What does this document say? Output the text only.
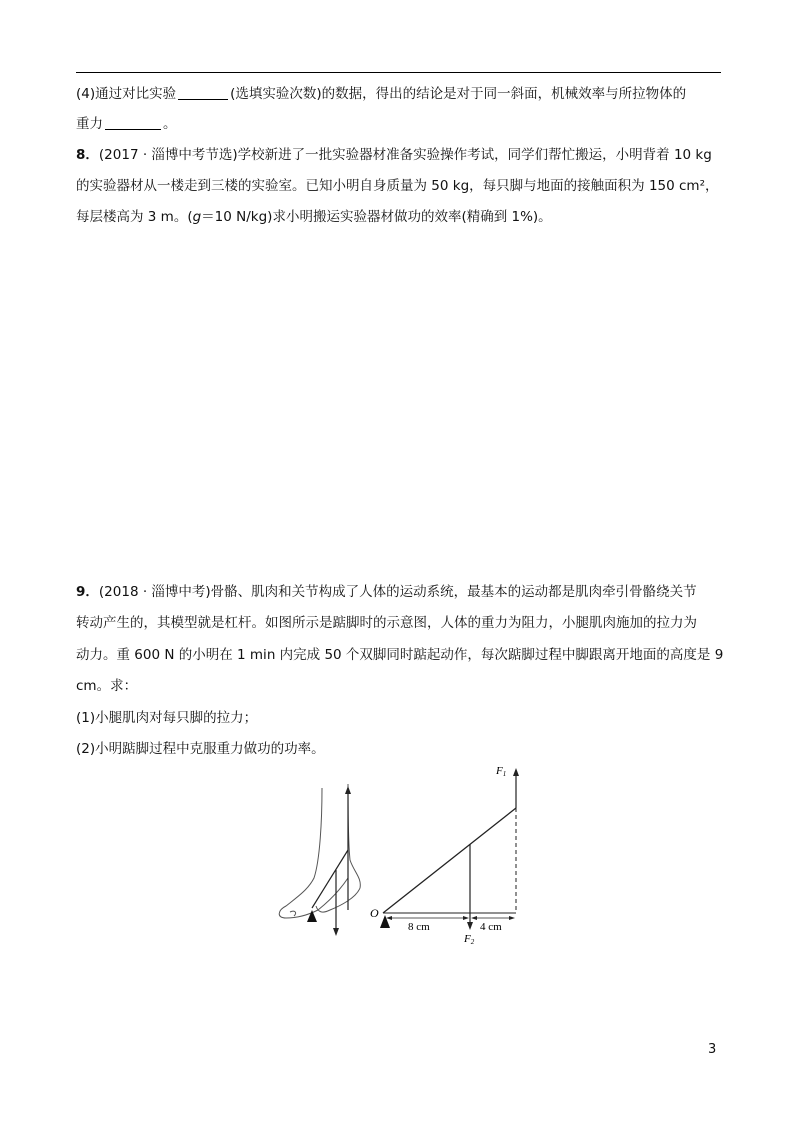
(4)通过对比实验	(选填实验次数)的数据，得出的结论是对于同一斜面，机械效率与所拉物体的
重力	。
8．(2017 · 淄博中考节选)学校新进了一批实验器材准备实验操作考试，同学们帮忙搬运，小明背着 10 kg
的实验器材从一楼走到三楼的实验室。已知小明自身质量为 50 kg，每只脚与地面的接触面积为 150 cm²，
每层楼高为 3 m。(g＝10 N/kg)求小明搬运实验器材做功的效率(精确到 1%)。
9．(2018 · 淄博中考)骨骼、肌肉和关节构成了人体的运动系统，最基本的运动都是肌肉牵引骨骼绕关节
转动产生的，其模型就是杠杆。如图所示是踮脚时的示意图，人体的重力为阻力，小腿肌肉施加的拉力为
动力。重 600 N 的小明在 1 min 内完成 50 个双脚同时踮起动作，每次踮脚过程中脚跟离开地面的高度是 9
cm。求：
(1)小腿肌肉对每只脚的拉力；
(2)小明踮脚过程中克服重力做功的功率。
F1
F2
O
8 cm	4 cm
3
